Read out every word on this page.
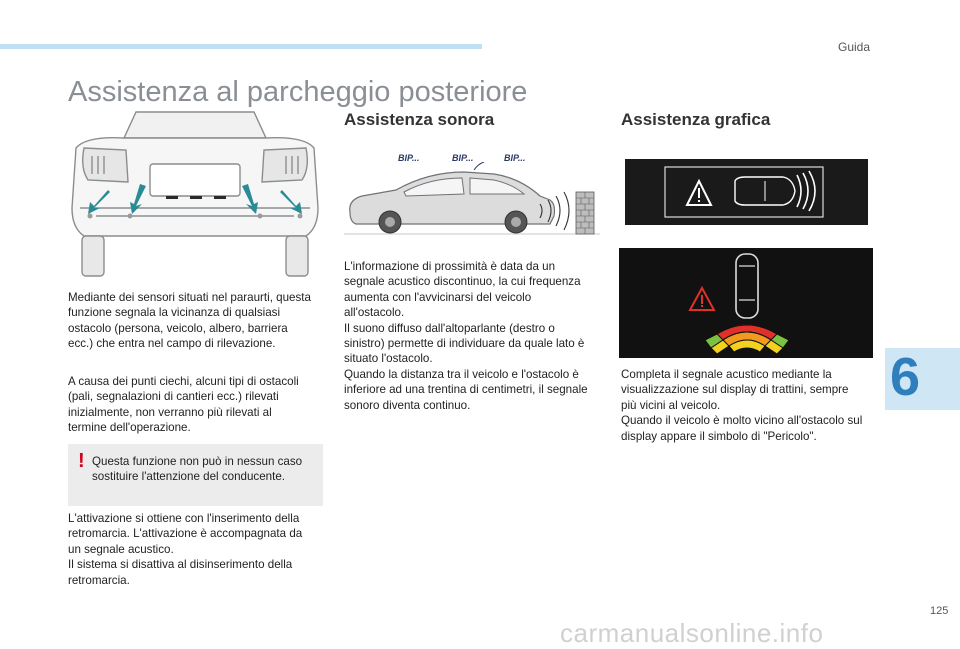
Guida
6
Assistenza al parcheggio posteriore
Mediante dei sensori situati nel paraurti, questa
funzione segnala la vicinanza di qualsiasi
ostacolo (persona, veicolo, albero, barriera
ecc.) che entra nel campo di rilevazione.
A causa dei punti ciechi, alcuni tipi di ostacoli
(pali, segnalazioni di cantieri ecc.) rilevati
inizialmente, non verranno più rilevati al
termine dell'operazione.
! Questa funzione non può in nessun caso
sostituire l'attenzione del conducente.
L'attivazione si ottiene con l'inserimento della
retromarcia. L'attivazione è accompagnata da
un segnale acustico.
Il sistema si disattiva al disinserimento della
retromarcia.
Assistenza sonora
BIP...	BIP...	BIP...
L'informazione di prossimità è data da un
segnale acustico discontinuo, la cui frequenza
aumenta con l'avvicinarsi del veicolo
all'ostacolo.
Il suono diffuso dall'altoparlante (destro o
sinistro) permette di individuare da quale lato è
situato l'ostacolo.
Quando la distanza tra il veicolo e l'ostacolo è
inferiore ad una trentina di centimetri, il segnale
sonoro diventa continuo.
Assistenza grafica
Completa il segnale acustico mediante la
visualizzazione sul display di trattini, sempre
più vicini al veicolo.
Quando il veicolo è molto vicino all'ostacolo sul
display appare il simbolo di "Pericolo".
125
carmanualsonline.info
